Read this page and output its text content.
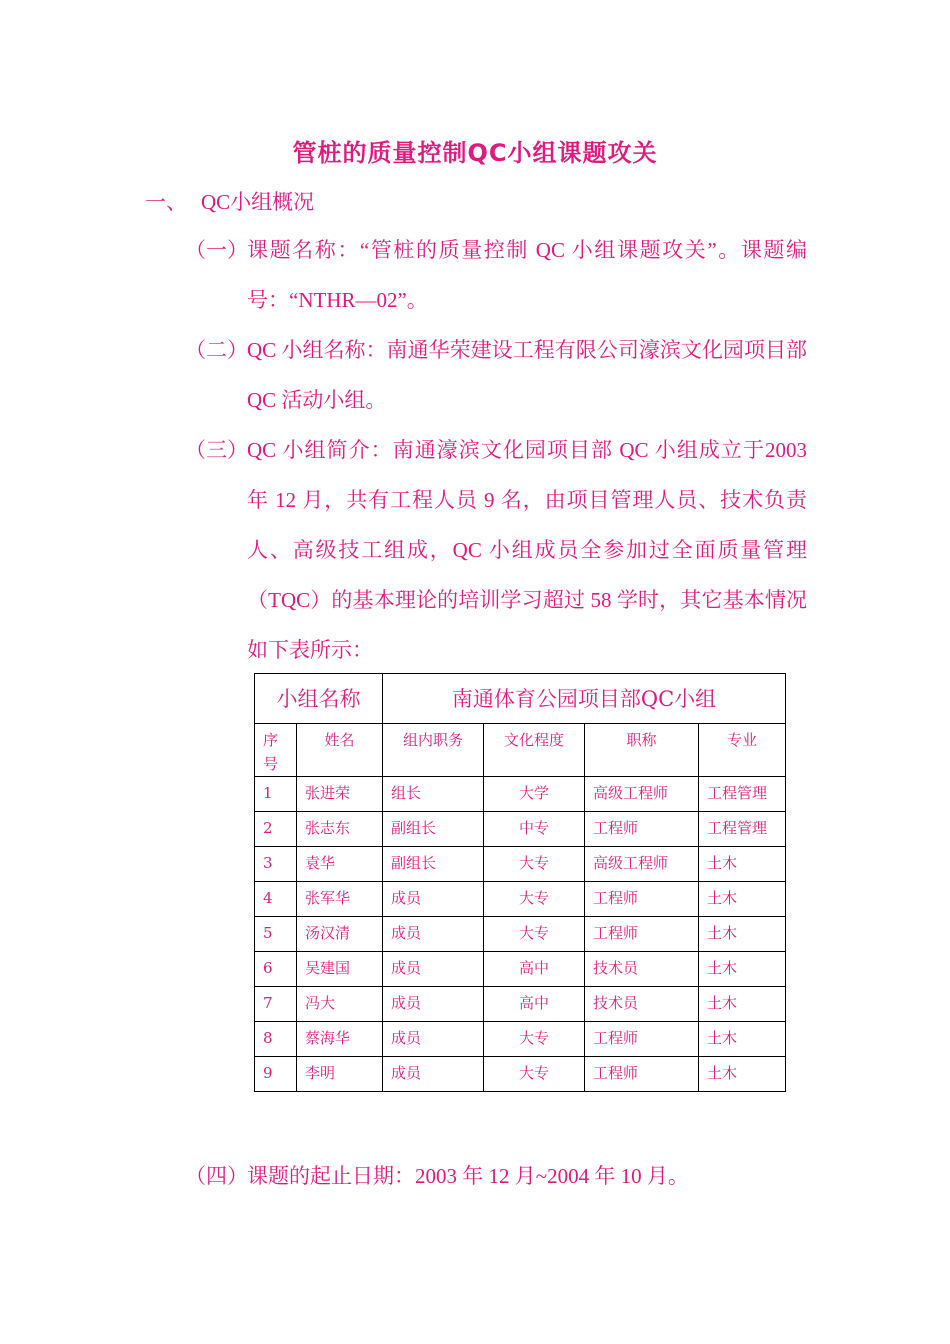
管桩的质量控制QC小组课题攻关

一、 QC小组概况

（一） 课题名称：“管桩的质量控制 QC 小组课题攻关”。课题编号：“NTHR—02”。
（二） QC 小组名称：南通华荣建设工程有限公司濠滨文化园项目部 QC 活动小组。
（三） QC 小组简介：南通濠滨文化园项目部 QC 小组成立于2003 年 12 月，共有工程人员 9 名，由项目管理人员、技术负责人、高级技工组成，QC 小组成员全参加过全面质量管理（TQC）的基本理论的培训学习超过 58 学时，其它基本情况如下表所示：
小组名称		南通体育公园项目部QC小组			
序号	姓名	组内职务	文化程度	职称	专业
1	张进荣	组长	大学	高级工程师	工程管理
2	张志东	副组长	中专	工程师	工程管理
3	袁华	副组长	大专	高级工程师	土木
4	张军华	成员	大专	工程师	土木
5	汤汉清	成员	大专	工程师	土木
6	吴建国	成员	高中	技术员	土木
7	冯大	成员	高中	技术员	土木
8	蔡海华	成员	大专	工程师	土木
9	李明	成员	大专	工程师	土木
（四） 课题的起止日期：2003 年 12 月~2004 年 10 月。
